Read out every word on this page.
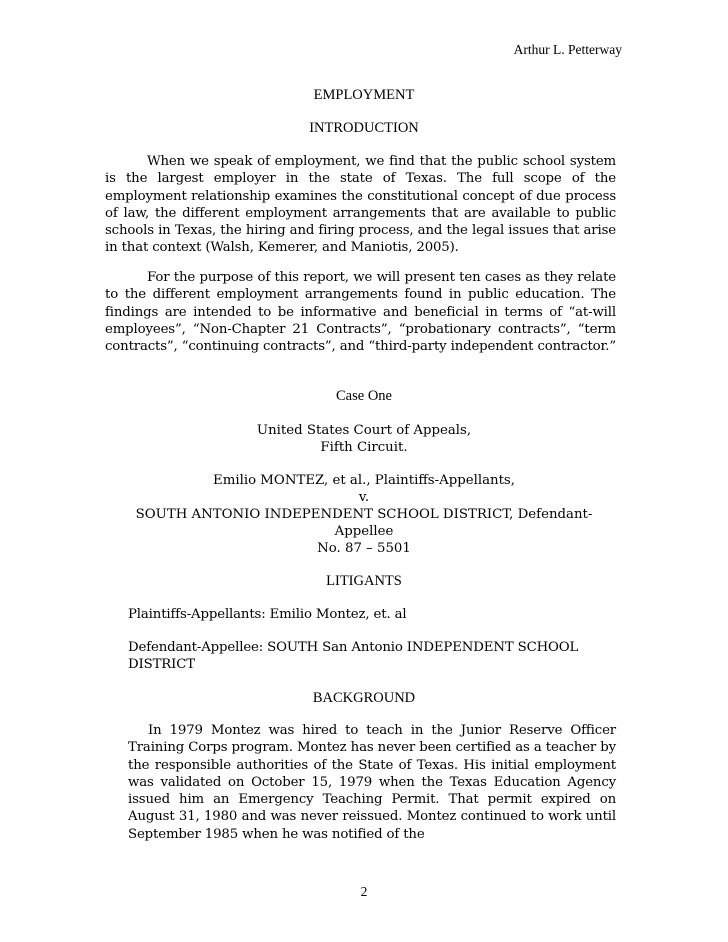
Arthur L. Petterway
EMPLOYMENT
INTRODUCTION
When we speak of employment, we find that the public school system is the largest employer in the state of Texas. The full scope of the employment relationship examines the constitutional concept of due process of law, the different employment arrangements that are available to public schools in Texas, the hiring and firing process, and the legal issues that arise in that context (Walsh, Kemerer, and Maniotis, 2005).
For the purpose of this report, we will present ten cases as they relate to the different employment arrangements found in public education. The findings are intended to be informative and beneficial in terms of “at-will employees”, “Non-Chapter 21 Contracts”, “probationary contracts”, “term contracts”, “continuing contracts”, and “third-party independent contractor.”
Case One
United States Court of Appeals,
Fifth Circuit.
Emilio MONTEZ, et al., Plaintiffs-Appellants,
v.
SOUTH ANTONIO INDEPENDENT SCHOOL DISTRICT, Defendant-
Appellee
No. 87 – 5501
LITIGANTS
Plaintiffs-Appellants: Emilio Montez, et. al
Defendant-Appellee: SOUTH San Antonio INDEPENDENT SCHOOL DISTRICT
BACKGROUND
In 1979 Montez was hired to teach in the Junior Reserve Officer Training Corps program. Montez has never been certified as a teacher by the responsible authorities of the State of Texas. His initial employment was validated on October 15, 1979 when the Texas Education Agency issued him an Emergency Teaching Permit. That permit expired on August 31, 1980 and was never reissued. Montez continued to work until September 1985 when he was notified of the
2
